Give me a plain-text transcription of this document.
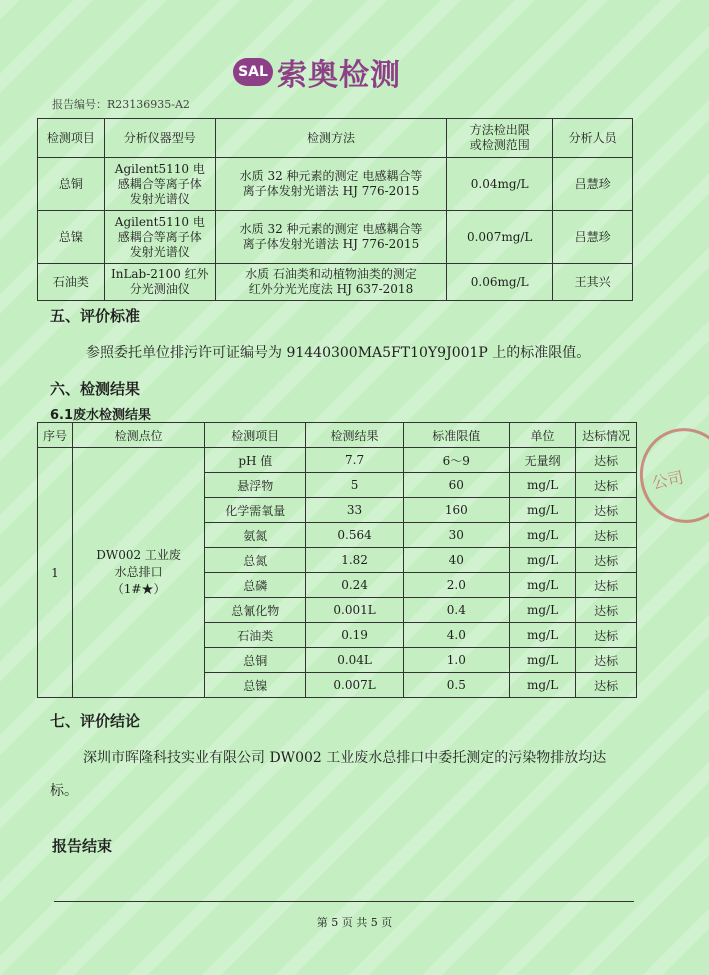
SAL 索奥检测
报告编号：R23136935-A2
检测项目	分析仪器型号	检测方法	方法检出限
或检测范围	分析人员
总铜	Agilent5110 电
感耦合等离子体
发射光谱仪	水质 32 种元素的测定 电感耦合等
离子体发射光谱法 HJ 776-2015	0.04mg/L	吕慧珍
总镍	Agilent5110 电
感耦合等离子体
发射光谱仪	水质 32 种元素的测定 电感耦合等
离子体发射光谱法 HJ 776-2015	0.007mg/L	吕慧珍
石油类	InLab-2100 红外
分光测油仪	水质 石油类和动植物油类的测定
红外分光光度法 HJ 637-2018	0.06mg/L	王其兴
五、评价标准
参照委托单位排污许可证编号为 91440300MA5FT10Y9J001P 上的标准限值。
六、检测结果
6.1废水检测结果
序号	检测点位	检测项目	检测结果	标准限值	单位	达标情况
1	DW002 工业废
水总排口
（1#★）	pH 值	7.7	6～9	无量纲	达标
		悬浮物	5	60	mg/L	达标
		化学需氧量	33	160	mg/L	达标
		氨氮	0.564	30	mg/L	达标
		总氮	1.82	40	mg/L	达标
		总磷	0.24	2.0	mg/L	达标
		总氰化物	0.001L	0.4	mg/L	达标
		石油类	0.19	4.0	mg/L	达标
		总铜	0.04L	1.0	mg/L	达标
		总镍	0.007L	0.5	mg/L	达标
公司
七、评价结论
深圳市晖隆科技实业有限公司 DW002 工业废水总排口中委托测定的污染物排放均达标。
报告结束
第 5 页 共 5 页
